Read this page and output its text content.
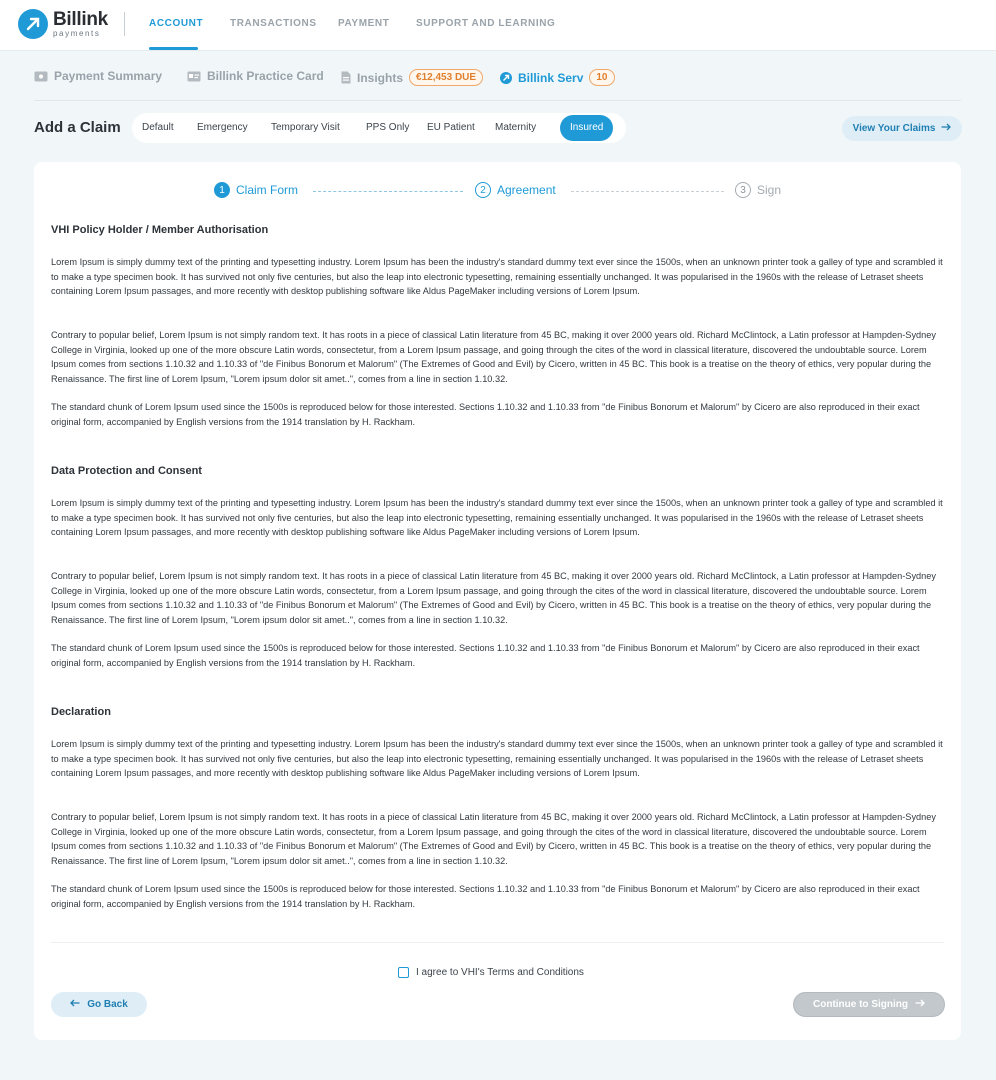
Billink
payments
ACCOUNT	TRANSACTIONS PAYMENT	SUPPORT AND LEARNING
Payment Summary	Billink Practice Card	Insights	€12,453 DUE	Billink Serv	10
Add a Claim Default Emergency Temporary Visit	PPS Only EU Patient Maternity	Insured	View Your Claims
1 Claim Form	2 Agreement	3 Sign
VHI Policy Holder / Member Authorisation
Lorem Ipsum is simply dummy text of the printing and typesetting industry. Lorem Ipsum has been the industry's standard dummy text ever since the 1500s, when an unknown printer took a galley of type and scrambled it to make a type specimen book. It has survived not only five centuries, but also the leap into electronic typesetting, remaining essentially unchanged. It was popularised in the 1960s with the release of Letraset sheets containing Lorem Ipsum passages, and more recently with desktop publishing software like Aldus PageMaker including versions of Lorem Ipsum.
Contrary to popular belief, Lorem Ipsum is not simply random text. It has roots in a piece of classical Latin literature from 45 BC, making it over 2000 years old. Richard McClintock, a Latin professor at Hampden-Sydney College in Virginia, looked up one of the more obscure Latin words, consectetur, from a Lorem Ipsum passage, and going through the cites of the word in classical literature, discovered the undoubtable source. Lorem Ipsum comes from sections 1.10.32 and 1.10.33 of "de Finibus Bonorum et Malorum" (The Extremes of Good and Evil) by Cicero, written in 45 BC. This book is a treatise on the theory of ethics, very popular during the Renaissance. The first line of Lorem Ipsum, "Lorem ipsum dolor sit amet..", comes from a line in section 1.10.32.
The standard chunk of Lorem Ipsum used since the 1500s is reproduced below for those interested. Sections 1.10.32 and 1.10.33 from "de Finibus Bonorum et Malorum" by Cicero are also reproduced in their exact original form, accompanied by English versions from the 1914 translation by H. Rackham.
Data Protection and Consent
Lorem Ipsum is simply dummy text of the printing and typesetting industry. Lorem Ipsum has been the industry's standard dummy text ever since the 1500s, when an unknown printer took a galley of type and scrambled it to make a type specimen book. It has survived not only five centuries, but also the leap into electronic typesetting, remaining essentially unchanged. It was popularised in the 1960s with the release of Letraset sheets containing Lorem Ipsum passages, and more recently with desktop publishing software like Aldus PageMaker including versions of Lorem Ipsum.
Contrary to popular belief, Lorem Ipsum is not simply random text. It has roots in a piece of classical Latin literature from 45 BC, making it over 2000 years old. Richard McClintock, a Latin professor at Hampden-Sydney College in Virginia, looked up one of the more obscure Latin words, consectetur, from a Lorem Ipsum passage, and going through the cites of the word in classical literature, discovered the undoubtable source. Lorem Ipsum comes from sections 1.10.32 and 1.10.33 of "de Finibus Bonorum et Malorum" (The Extremes of Good and Evil) by Cicero, written in 45 BC. This book is a treatise on the theory of ethics, very popular during the Renaissance. The first line of Lorem Ipsum, "Lorem ipsum dolor sit amet..", comes from a line in section 1.10.32.
The standard chunk of Lorem Ipsum used since the 1500s is reproduced below for those interested. Sections 1.10.32 and 1.10.33 from "de Finibus Bonorum et Malorum" by Cicero are also reproduced in their exact original form, accompanied by English versions from the 1914 translation by H. Rackham.
Declaration
Lorem Ipsum is simply dummy text of the printing and typesetting industry. Lorem Ipsum has been the industry's standard dummy text ever since the 1500s, when an unknown printer took a galley of type and scrambled it to make a type specimen book. It has survived not only five centuries, but also the leap into electronic typesetting, remaining essentially unchanged. It was popularised in the 1960s with the release of Letraset sheets containing Lorem Ipsum passages, and more recently with desktop publishing software like Aldus PageMaker including versions of Lorem Ipsum.
Contrary to popular belief, Lorem Ipsum is not simply random text. It has roots in a piece of classical Latin literature from 45 BC, making it over 2000 years old. Richard McClintock, a Latin professor at Hampden-Sydney College in Virginia, looked up one of the more obscure Latin words, consectetur, from a Lorem Ipsum passage, and going through the cites of the word in classical literature, discovered the undoubtable source. Lorem Ipsum comes from sections 1.10.32 and 1.10.33 of "de Finibus Bonorum et Malorum" (The Extremes of Good and Evil) by Cicero, written in 45 BC. This book is a treatise on the theory of ethics, very popular during the Renaissance. The first line of Lorem Ipsum, "Lorem ipsum dolor sit amet..", comes from a line in section 1.10.32.
The standard chunk of Lorem Ipsum used since the 1500s is reproduced below for those interested. Sections 1.10.32 and 1.10.33 from "de Finibus Bonorum et Malorum" by Cicero are also reproduced in their exact original form, accompanied by English versions from the 1914 translation by H. Rackham.
I agree to VHI's Terms and Conditions
Go Back	Continue to Signing
